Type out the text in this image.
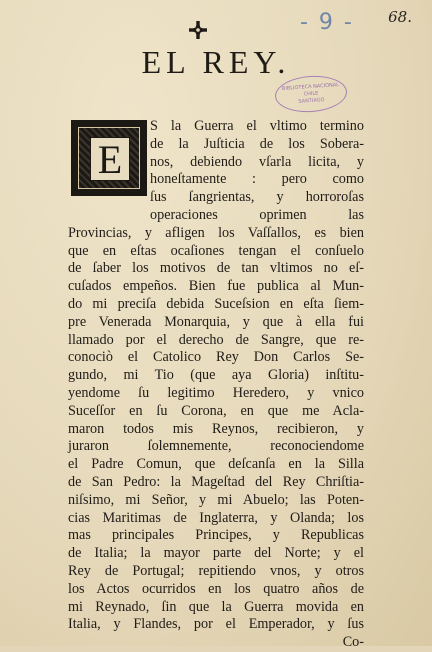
68.
- 9 -
EL REY.
BIBLIOTECA NACIONAL
CHILE
SANTIAGO
E
S la Guerra el vltimo termino
de la Juſticia de los Sobera-
nos, debiendo vſarla licita, y
honeſtamente : pero como
ſus ſangrientas, y horroroſas
operaciones oprimen las
Provincias, y afligen los Vaſſallos, es bien
que en eſtas ocaſiones tengan el conſuelo
de ſaber los motivos de tan vltimos no eſ-
cuſados empeños. Bien fue publica al Mun-
do mi preciſa debida Suceſsion en eſta ſiem-
pre Venerada Monarquia, y que à ella fui
llamado por el derecho de Sangre, que re-
conociò el Catolico Rey Don Carlos Se-
gundo, mi Tio (que aya Gloria) inſtitu-
yendome ſu legitimo Heredero, y vnico
Suceſſor en ſu Corona, en que me Acla-
maron todos mis Reynos, recibieron, y
juraron ſolemnemente, reconociendome
el Padre Comun, que deſcanſa en la Silla
de San Pedro: la Mageſtad del Rey Chriſtia-
niſsimo, mi Señor, y mi Abuelo; las Poten-
cias Maritimas de Inglaterra, y Olanda; los
mas principales Principes, y Republicas
de Italia; la mayor parte del Norte; y el
Rey de Portugal; repitiendo vnos, y otros
los Actos ocurridos en los quatro años de
mi Reynado, ſin que la Guerra movida en
Italia, y Flandes, por el Emperador, y ſus
Co-
